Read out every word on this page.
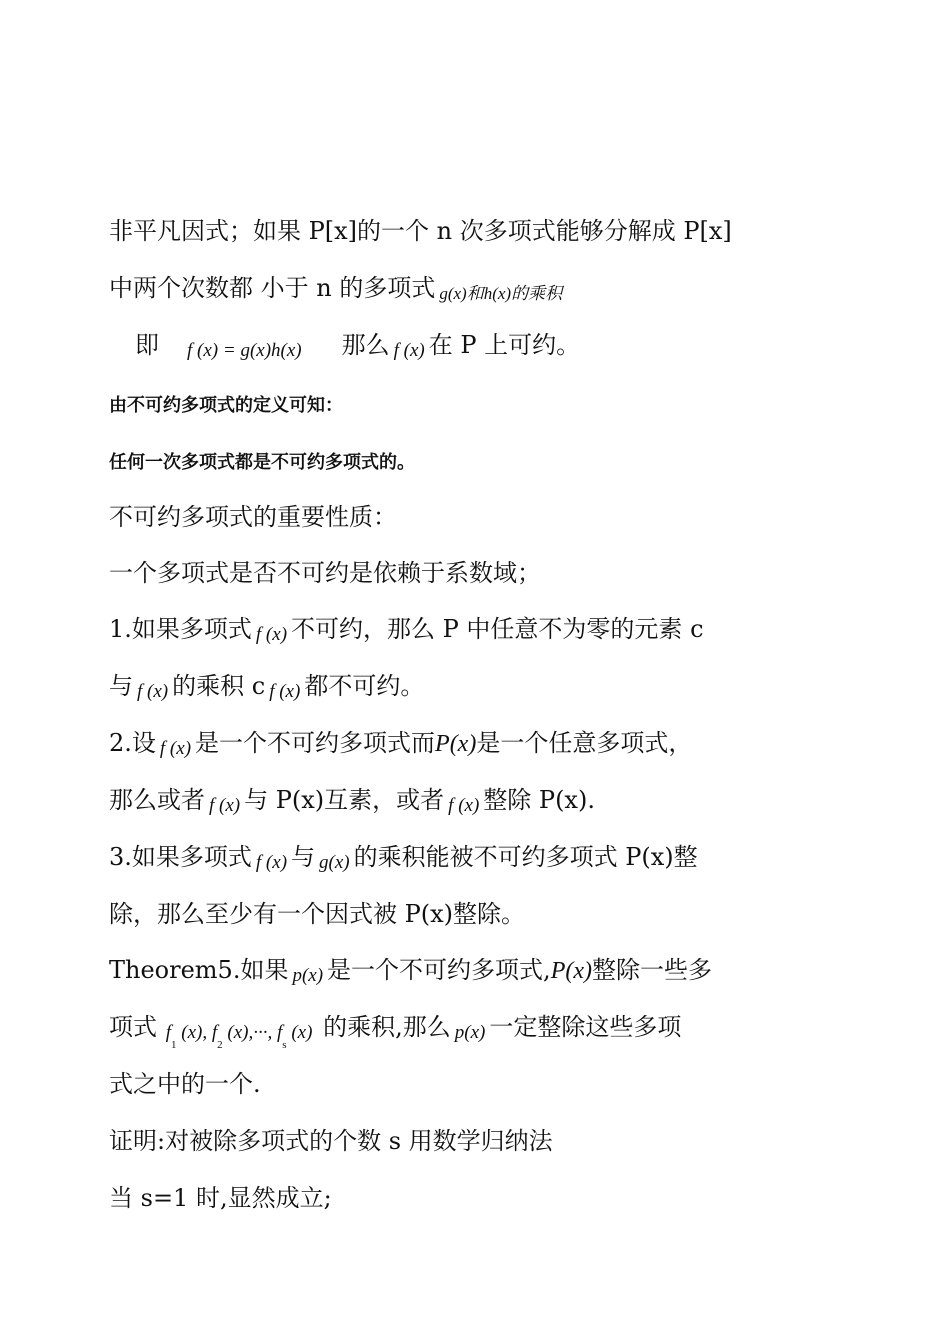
非平凡因式；如果 P[x]的一个 n 次多项式能够分解成 P[x]
中两个次数都 小于 n 的多项式 g(x)和h(x)的乘积
即 f (x) = g(x)h(x) 那么 f (x) 在 P 上可约。
由不可约多项式的定义可知：
任何一次多项式都是不可约多项式的。
不可约多项式的重要性质：
一个多项式是否不可约是依赖于系数域；
1.如果多项式 f (x) 不可约，那么 P 中任意不为零的元素 c
与 f (x) 的乘积 c f (x) 都不可约。
2.设 f (x) 是一个不可约多项式而P(x)是一个任意多项式，
那么或者 f (x) 与 P(x)互素，或者 f (x) 整除 P(x).
3.如果多项式 f (x) 与 g(x) 的乘积能被不可约多项式 P(x)整
除，那么至少有一个因式被 P(x)整除。
Theorem5.如果 p(x) 是一个不可约多项式,P(x)整除一些多
项式 $f_1$ (x), $f_2$ (x),···, $f_s$ (x) 的乘积,那么 p(x) 一定整除这些多项
式之中的一个.
证明:对被除多项式的个数 s 用数学归纳法
当 s=1 时,显然成立;
